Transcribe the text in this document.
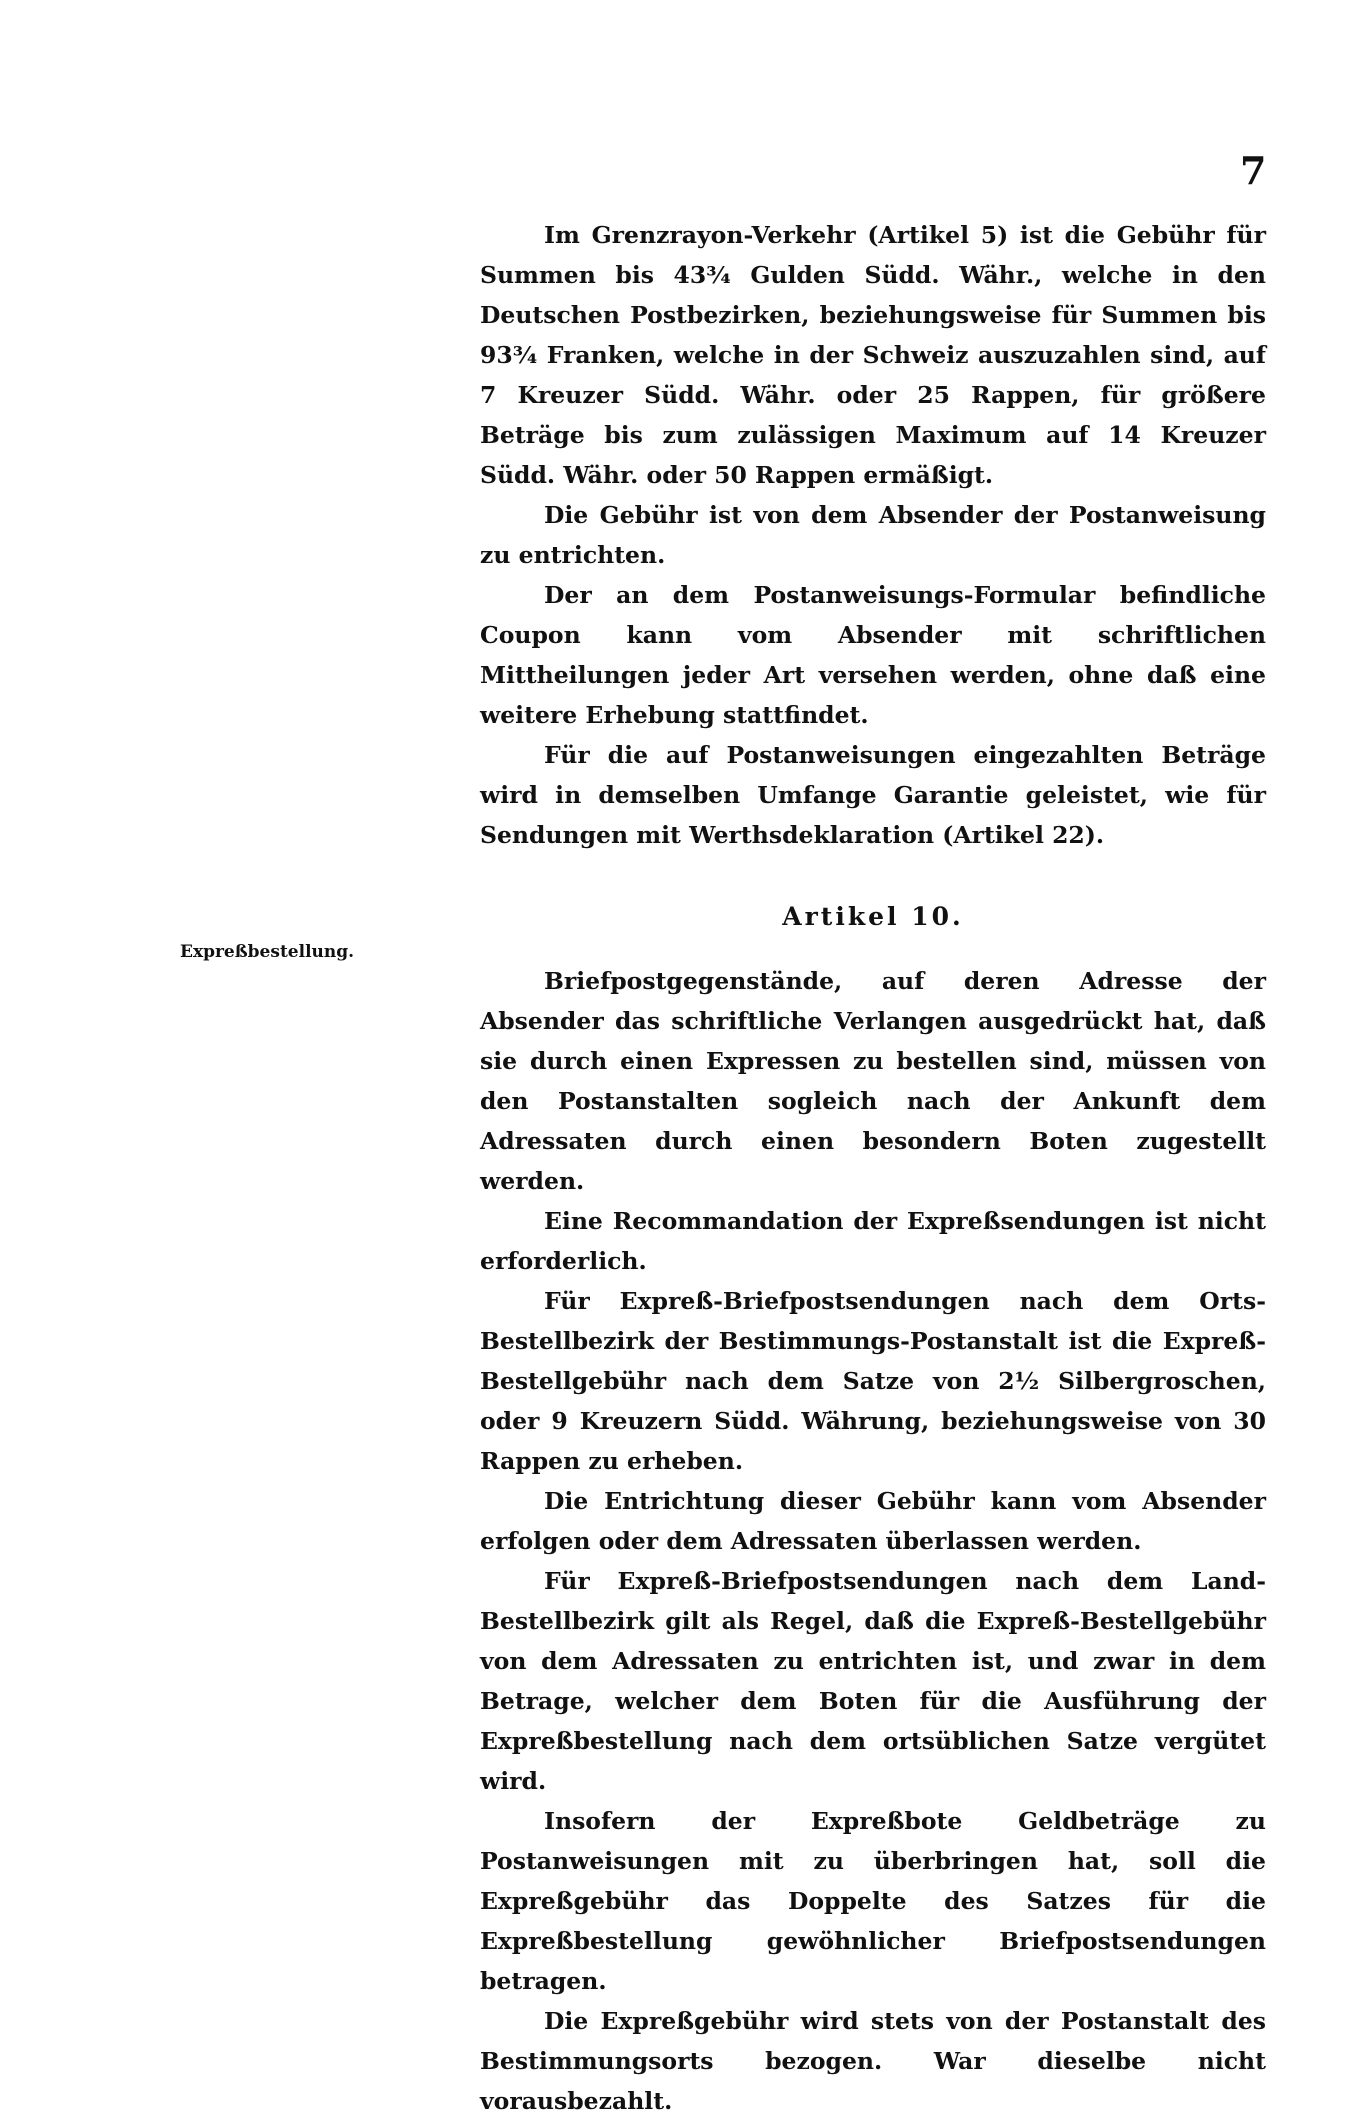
7
Expreßbestellung.

Im Grenzrayon-Verkehr (Artikel 5) ist die Gebühr für Summen bis 43¾ Gulden Südd. Währ., welche in den Deutschen Postbezirken, beziehungsweise für Summen bis 93¾ Franken, welche in der Schweiz auszuzahlen sind, auf 7 Kreuzer Südd. Währ. oder 25 Rappen, für größere Beträge bis zum zulässigen Maximum auf 14 Kreuzer Südd. Währ. oder 50 Rappen ermäßigt.

Die Gebühr ist von dem Absender der Postanweisung zu entrichten.

Der an dem Postanweisungs-Formular befindliche Coupon kann vom Absender mit schriftlichen Mittheilungen jeder Art versehen werden, ohne daß eine weitere Erhebung stattfindet.

Für die auf Postanweisungen eingezahlten Beträge wird in demselben Umfange Garantie geleistet, wie für Sendungen mit Werthsdeklaration (Artikel 22).

Artikel 10.

Briefpostgegenstände, auf deren Adresse der Absender das schriftliche Verlangen ausgedrückt hat, daß sie durch einen Expressen zu bestellen sind, müssen von den Postanstalten sogleich nach der Ankunft dem Adressaten durch einen besondern Boten zugestellt werden.

Eine Recommandation der Expreßsendungen ist nicht erforderlich.

Für Expreß-Briefpostsendungen nach dem Orts-Bestellbezirk der Bestimmungs-Postanstalt ist die Expreß-Bestellgebühr nach dem Satze von 2½ Silbergroschen, oder 9 Kreuzern Südd. Währung, beziehungsweise von 30 Rappen zu erheben.

Die Entrichtung dieser Gebühr kann vom Absender erfolgen oder dem Adressaten überlassen werden.

Für Expreß-Briefpostsendungen nach dem Land-Bestellbezirk gilt als Regel, daß die Expreß-Bestellgebühr von dem Adressaten zu entrichten ist, und zwar in dem Betrage, welcher dem Boten für die Ausführung der Expreßbestellung nach dem ortsüblichen Satze vergütet wird.

Insofern der Expreßbote Geldbeträge zu Postanweisungen mit zu überbringen hat, soll die Expreßgebühr das Doppelte des Satzes für die Expreßbestellung gewöhnlicher Briefpostsendungen betragen.

Die Expreßgebühr wird stets von der Postanstalt des Bestimmungsorts bezogen. War dieselbe nicht vorausbezahlt.
